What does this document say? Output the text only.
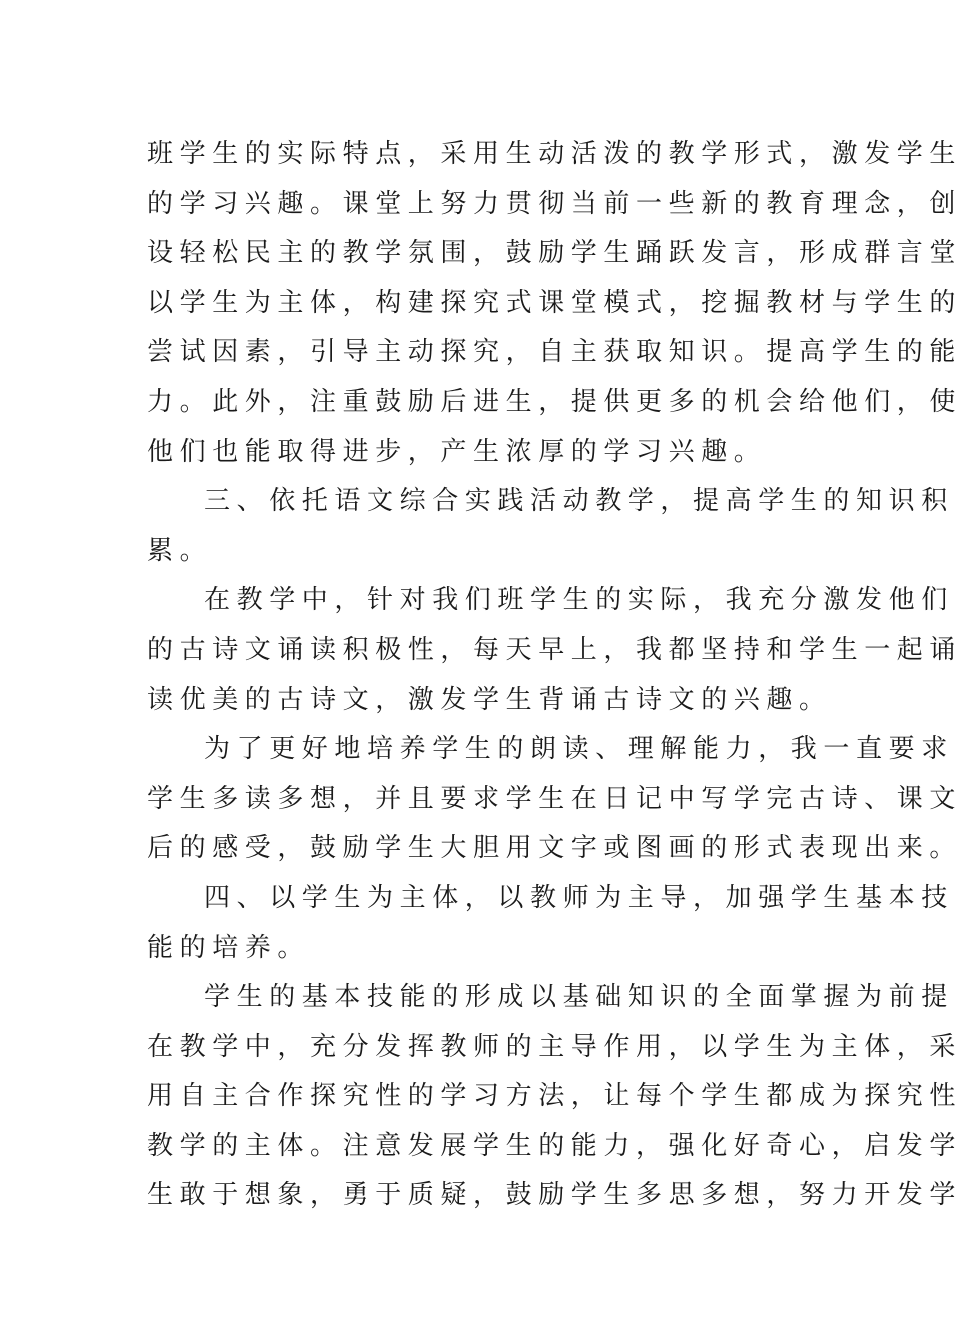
班学生的实际特点，采用生动活泼的教学形式，激发学生
的学习兴趣。课堂上努力贯彻当前一些新的教育理念，创
设轻松民主的教学氛围，鼓励学生踊跃发言，形成群言堂
以学生为主体，构建探究式课堂模式，挖掘教材与学生的
尝试因素，引导主动探究，自主获取知识。提高学生的能
力。此外，注重鼓励后进生，提供更多的机会给他们，使
他们也能取得进步，产生浓厚的学习兴趣。
三、依托语文综合实践活动教学，提高学生的知识积
累。
在教学中，针对我们班学生的实际，我充分激发他们
的古诗文诵读积极性，每天早上，我都坚持和学生一起诵
读优美的古诗文，激发学生背诵古诗文的兴趣。
为了更好地培养学生的朗读、理解能力，我一直要求
学生多读多想，并且要求学生在日记中写学完古诗、课文
后的感受，鼓励学生大胆用文字或图画的形式表现出来。
四、以学生为主体，以教师为主导，加强学生基本技
能的培养。
学生的基本技能的形成以基础知识的全面掌握为前提
在教学中，充分发挥教师的主导作用，以学生为主体，采
用自主合作探究性的学习方法，让每个学生都成为探究性
教学的主体。注意发展学生的能力，强化好奇心，启发学
生敢于想象，勇于质疑，鼓励学生多思多想，努力开发学
